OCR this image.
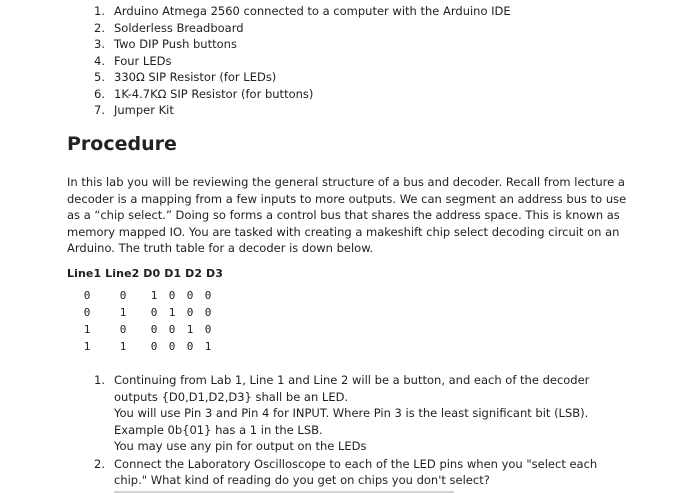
1. Arduino Atmega 2560 connected to a computer with the Arduino IDE
2. Solderless Breadboard
3. Two DIP Push buttons
4. Four LEDs
5. 330Ω SIP Resistor (for LEDs)
6. 1K-4.7KΩ SIP Resistor (for buttons)
7. Jumper Kit
Procedure

In this lab you will be reviewing the general structure of a bus and decoder. Recall from lecture a decoder is a mapping from a few inputs to more outputs. We can segment an address bus to use as a “chip select.” Doing so forms a control bus that shares the address space. This is known as memory mapped IO. You are tasked with creating a makeshift chip select decoding circuit on an Arduino. The truth table for a decoder is down below.

Line1 Line2 D0 D1 D2 D3
0	0	1	0	0	0
0	1	0	1	0	0
1	0	0	0	1	0
1	1	0	0	0	1
1. Continuing from Lab 1, Line 1 and Line 2 will be a button, and each of the decoder
outputs {D0,D1,D2,D3} shall be an LED.
You will use Pin 3 and Pin 4 for INPUT. Where Pin 3 is the least significant bit (LSB).
Example 0b{01} has a 1 in the LSB.
You may use any pin for output on the LEDs
2. Connect the Laboratory Oscilloscope to each of the LED pins when you "select each
chip." What kind of reading do you get on chips you don't select?
